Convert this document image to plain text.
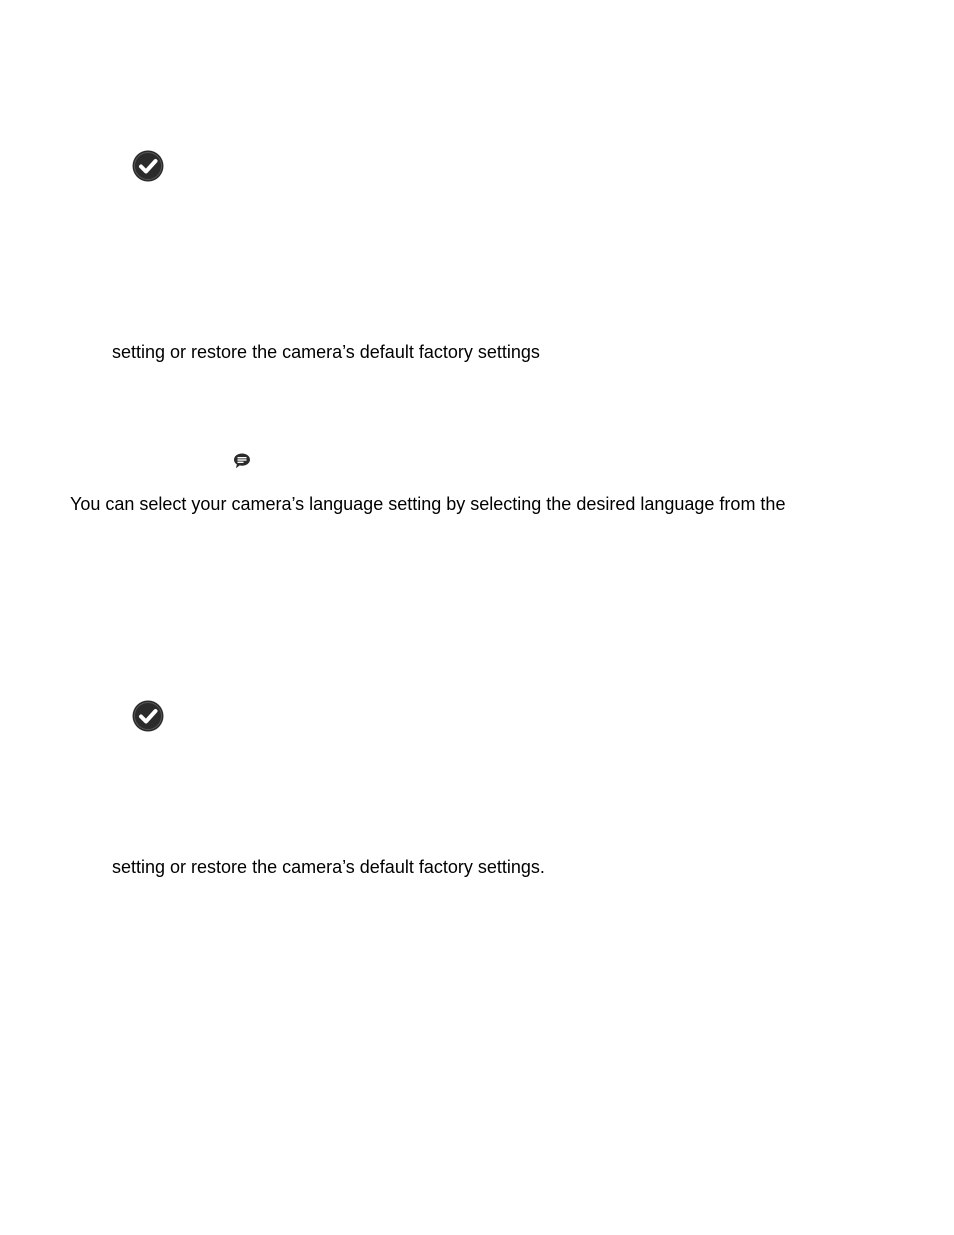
setting or restore the camera’s default factory settings
You can select your camera’s language setting by selecting the desired language from the
setting or restore the camera’s default factory settings.
